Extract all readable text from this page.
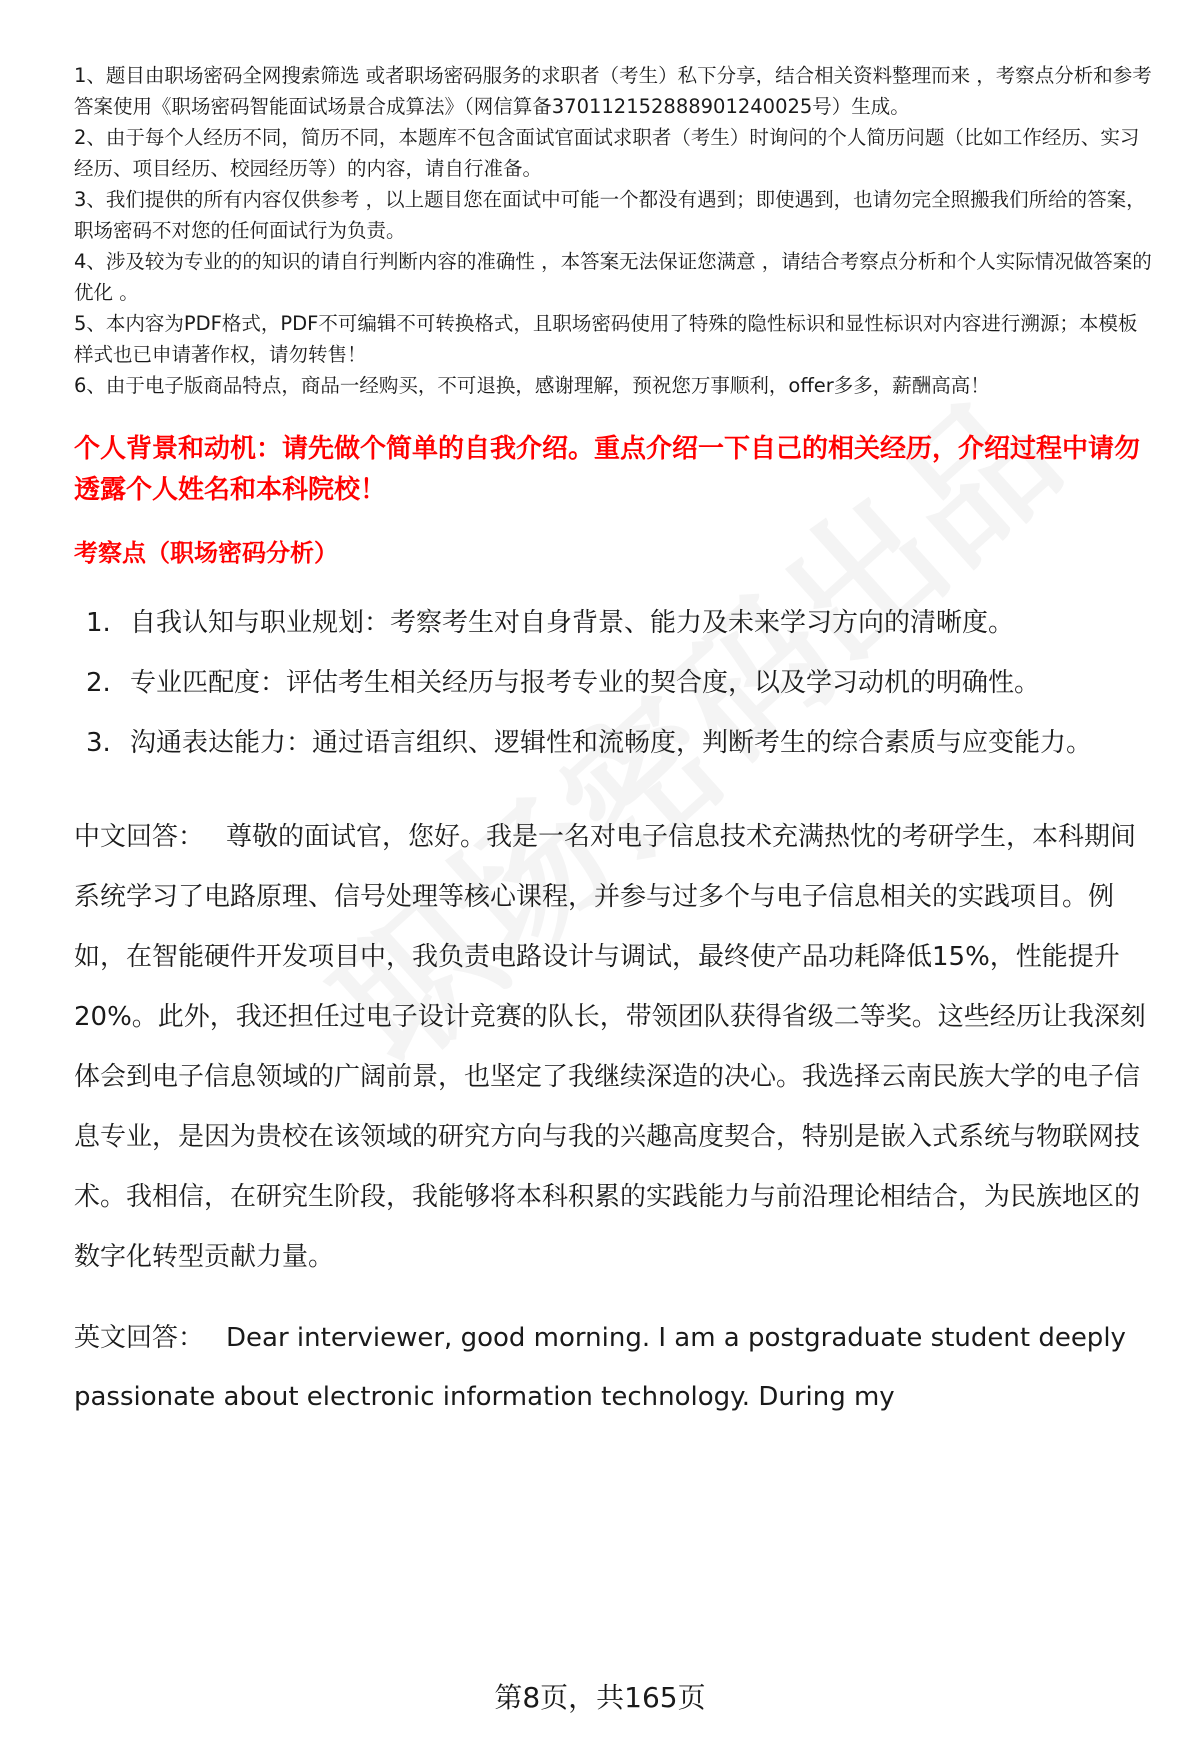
1、题目由职场密码全网搜索筛选 或者职场密码服务的求职者（考生）私下分享，结合相关资料整理而来 ，考察点分析和参考答案使用《职场密码智能面试场景合成算法》（网信算备370112152888901240025号）生成。
2、由于每个人经历不同，简历不同，本题库不包含面试官面试求职者（考生）时询问的个人简历问题（比如工作经历、实习经历、项目经历、校园经历等）的内容，请自行准备。
3、我们提供的所有内容仅供参考 ，以上题目您在面试中可能一个都没有遇到；即使遇到，也请勿完全照搬我们所给的答案，职场密码不对您的任何面试行为负责。
4、涉及较为专业的的知识的请自行判断内容的准确性 ，本答案无法保证您满意 ，请结合考察点分析和个人实际情况做答案的优化 。
5、本内容为PDF格式，PDF不可编辑不可转换格式，且职场密码使用了特殊的隐性标识和显性标识对内容进行溯源；本模板样式也已申请著作权，请勿转售！
6、由于电子版商品特点，商品一经购买，不可退换，感谢理解，预祝您万事顺利，offer多多，薪酬高高！
个人背景和动机：请先做个简单的自我介绍。重点介绍一下自己的相关经历，介绍过程中请勿透露个人姓名和本科院校！
考察点（职场密码分析）
1. 自我认知与职业规划：考察考生对自身背景、能力及未来学习方向的清晰度。
2. 专业匹配度：评估考生相关经历与报考专业的契合度，以及学习动机的明确性。
3. 沟通表达能力：通过语言组织、逻辑性和流畅度，判断考生的综合素质与应变能力。
中文回答： 尊敬的面试官，您好。我是一名对电子信息技术充满热忱的考研学生，本科期间系统学习了电路原理、信号处理等核心课程，并参与过多个与电子信息相关的实践项目。例如，在智能硬件开发项目中，我负责电路设计与调试，最终使产品功耗降低15%，性能提升20%。此外，我还担任过电子设计竞赛的队长，带领团队获得省级二等奖。这些经历让我深刻体会到电子信息领域的广阔前景，也坚定了我继续深造的决心。我选择云南民族大学的电子信息专业，是因为贵校在该领域的研究方向与我的兴趣高度契合，特别是嵌入式系统与物联网技术。我相信，在研究生阶段，我能够将本科积累的实践能力与前沿理论相结合，为民族地区的数字化转型贡献力量。
英文回答： Dear interviewer, good morning. I am a postgraduate student deeply passionate about electronic information technology. During my
第8页，共165页
